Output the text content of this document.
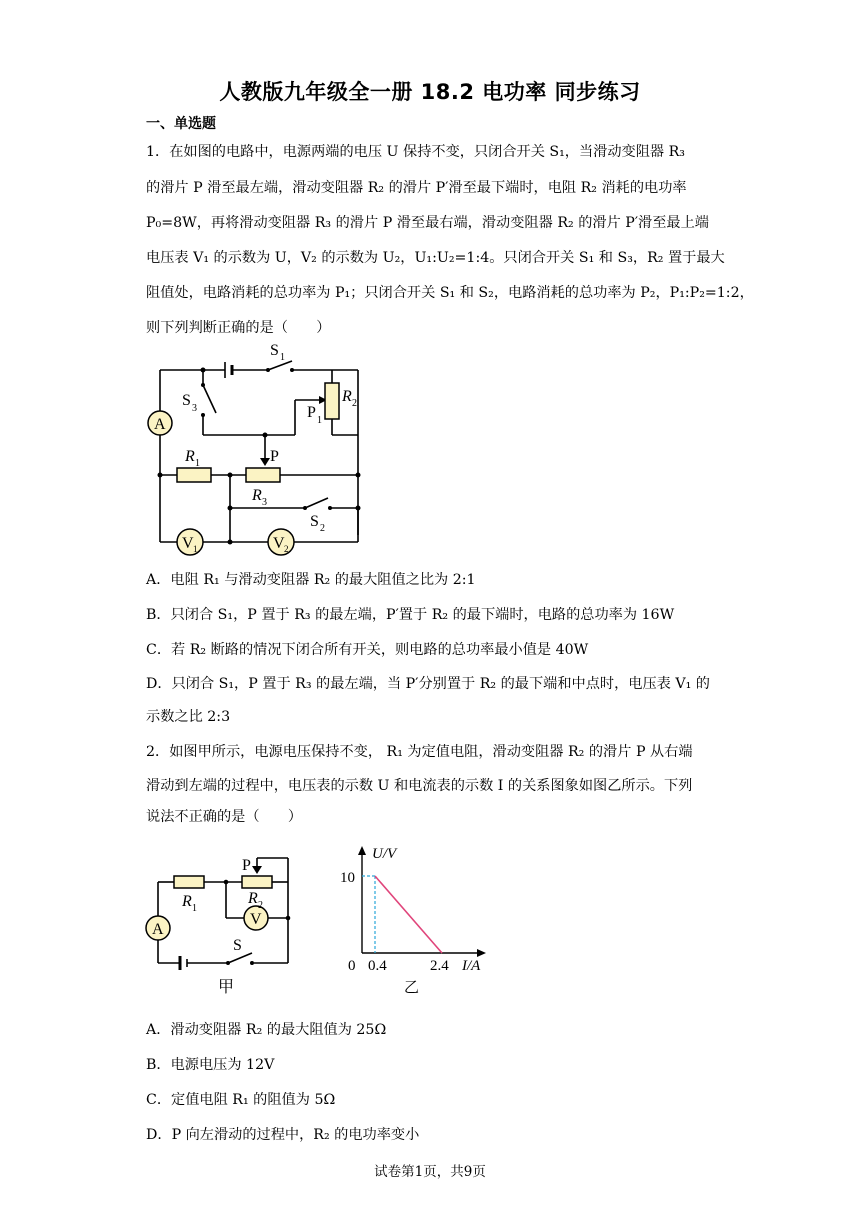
人教版九年级全一册 18.2 电功率 同步练习
一、单选题
1．在如图的电路中，电源两端的电压 U 保持不变，只闭合开关 S₁，当滑动变阻器 R₃
的滑片 P 滑至最左端，滑动变阻器 R₂ 的滑片 P′滑至最下端时，电阻 R₂ 消耗的电功率
P₀=8W，再将滑动变阻器 R₃ 的滑片 P 滑至最右端，滑动变阻器 R₂ 的滑片 P′滑至最上端
电压表 V₁ 的示数为 U，V₂ 的示数为 U₂，U₁:U₂=1:4。只闭合开关 S₁ 和 S₃，R₂ 置于最大
阻值处，电路消耗的总功率为 P₁；只闭合开关 S₁ 和 S₂，电路消耗的总功率为 P₂，P₁:P₂=1:2，
则下列判断正确的是（　　）
S 1
S 3
R 2
P 1
R 1	P
R 3
S 2
A
V 1	V 2
A．电阻 R₁ 与滑动变阻器 R₂ 的最大阻值之比为 2:1
B．只闭合 S₁，P 置于 R₃ 的最左端，P′置于 R₂ 的最下端时，电路的总功率为 16W
C．若 R₂ 断路的情况下闭合所有开关，则电路的总功率最小值是 40W
D．只闭合 S₁，P 置于 R₃ 的最左端，当 P′分别置于 R₂ 的最下端和中点时，电压表 V₁ 的
示数之比 2:3
2．如图甲所示，电源电压保持不变， R₁ 为定值电阻，滑动变阻器 R₂ 的滑片 P 从右端
滑动到左端的过程中，电压表的示数 U 和电流表的示数 I 的关系图象如图乙所示。下列
说法不正确的是（　　）
P
R 1
R 2
V
A
S
甲
U/V
10
0 0.4	2.4 I/A
乙
A．滑动变阻器 R₂ 的最大阻值为 25Ω
B．电源电压为 12V
C．定值电阻 R₁ 的阻值为 5Ω
D．P 向左滑动的过程中，R₂ 的电功率变小
试卷第1页，共9页
